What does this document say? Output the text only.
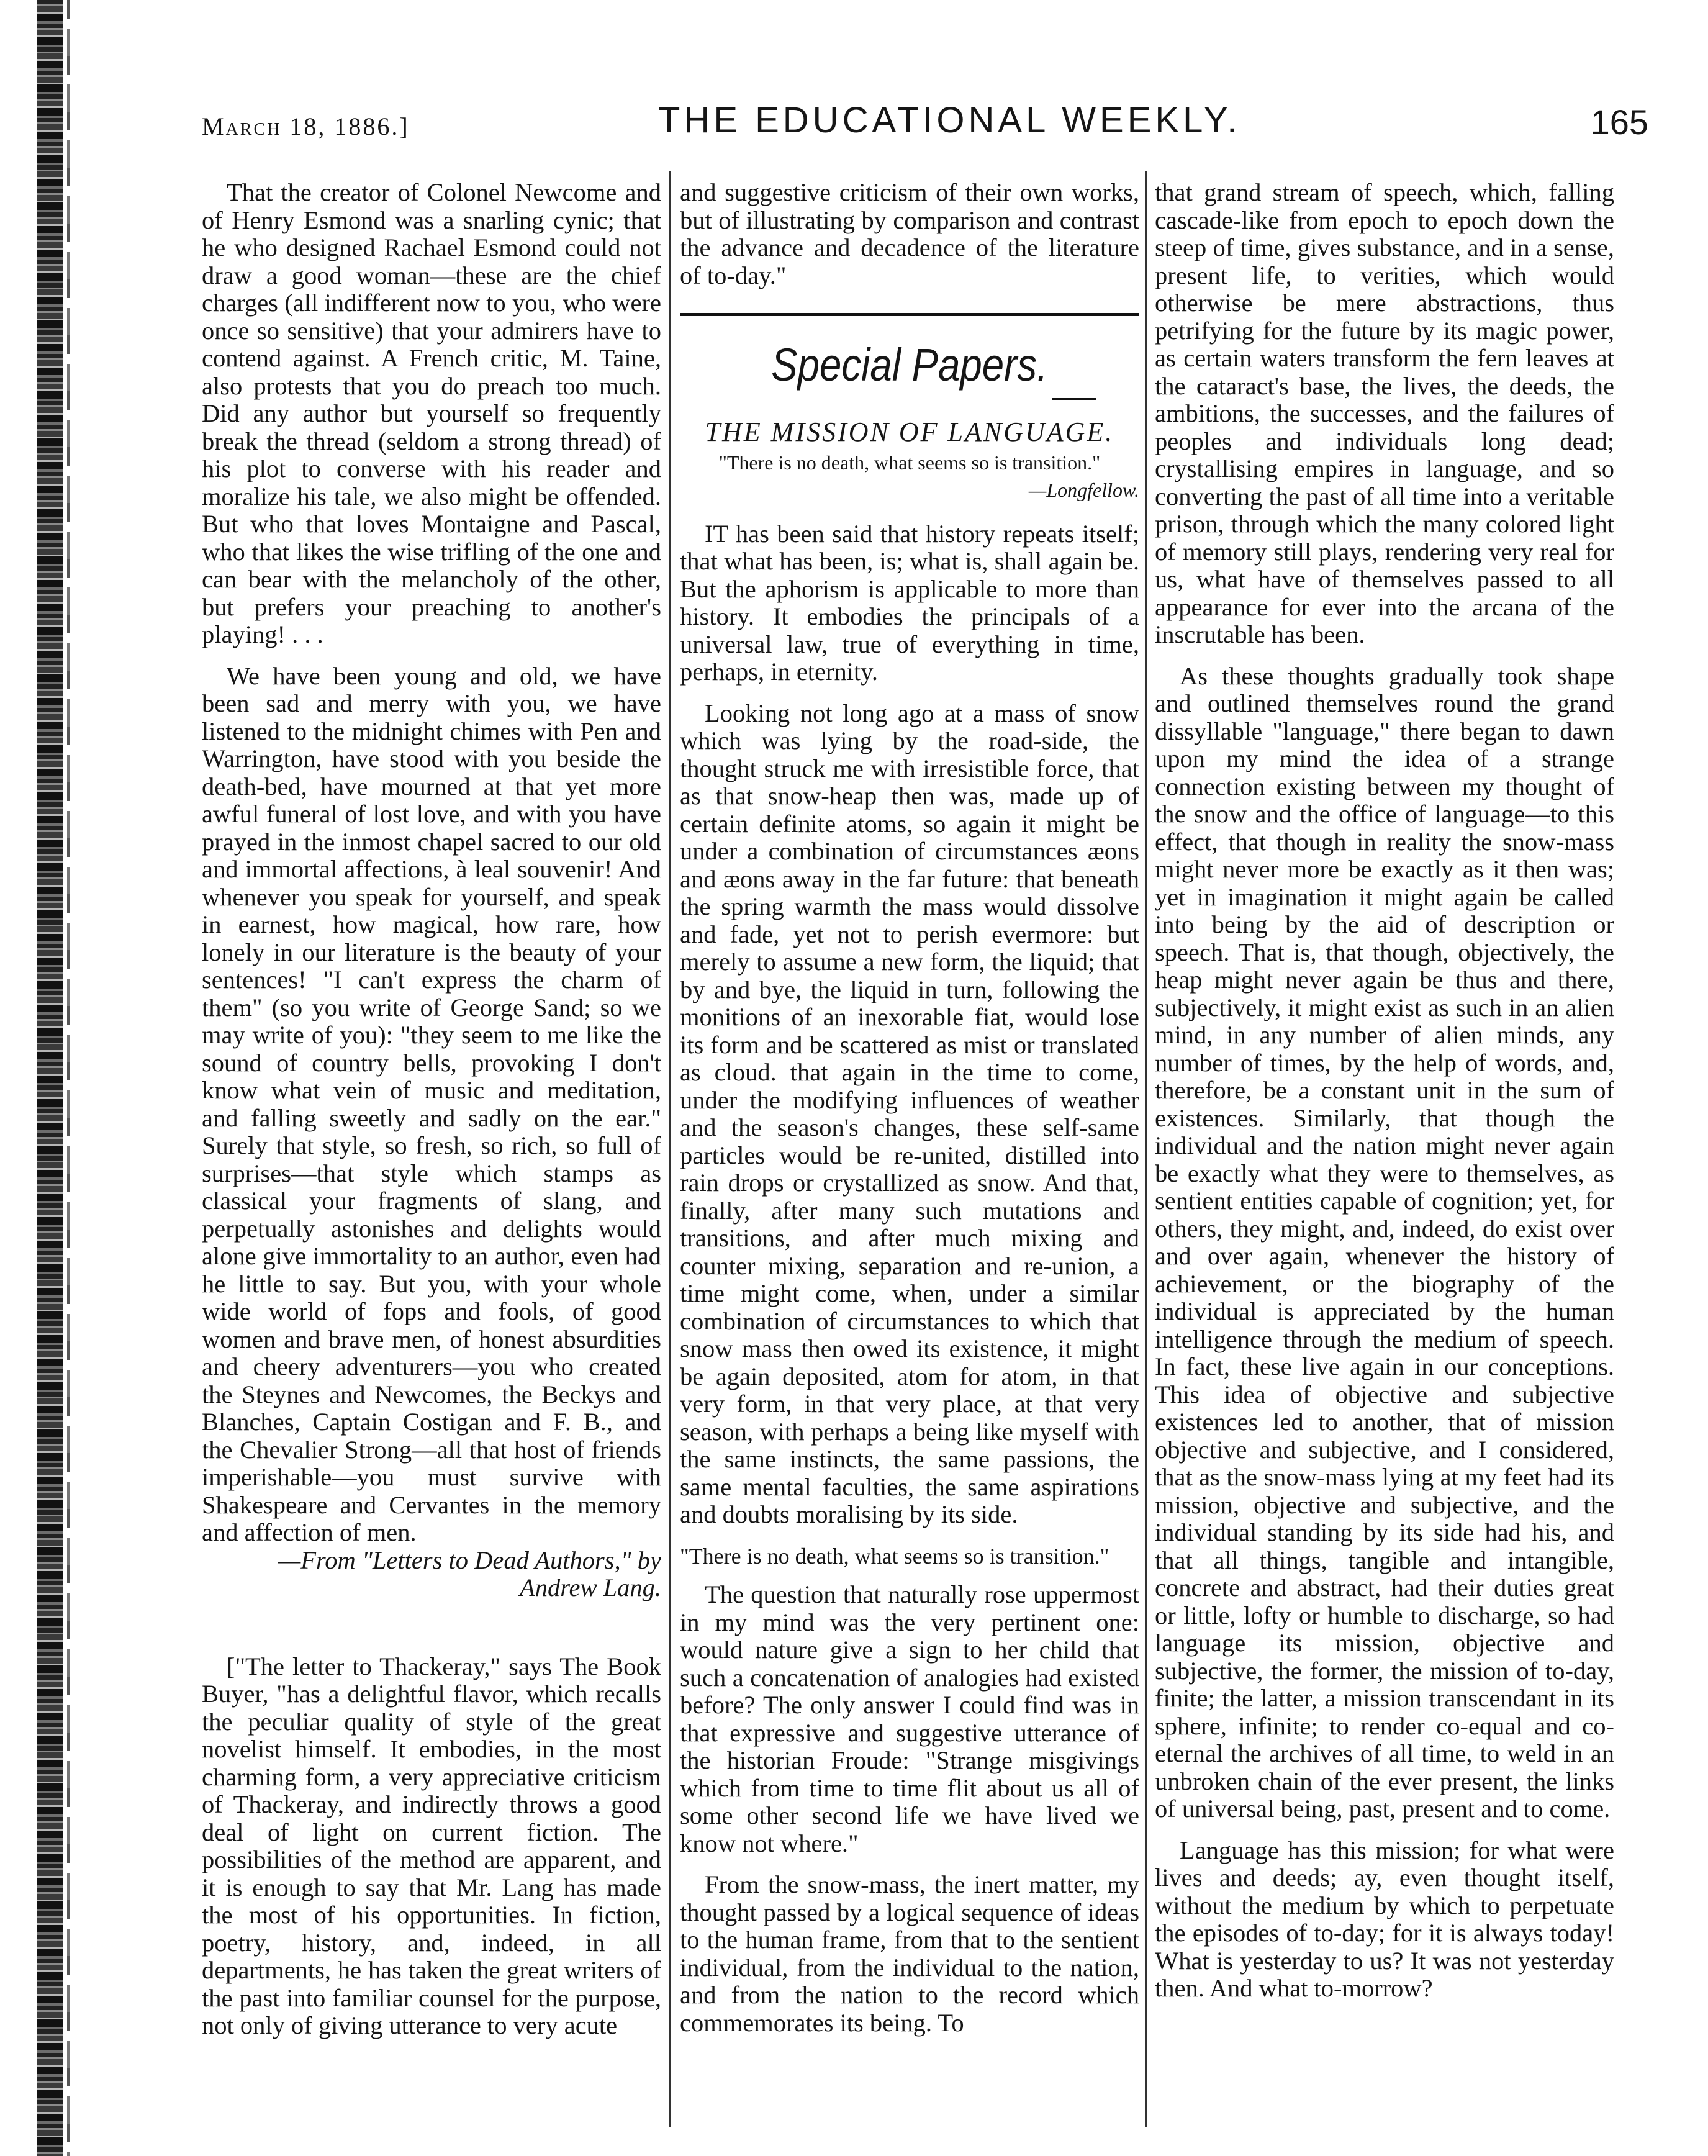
March 18, 1886.]	THE EDUCATIONAL WEEKLY.	165

That the creator of Colonel Newcome and of Henry Esmond was a snarling cynic; that he who designed Rachael Esmond could not draw a good woman—these are the chief charges (all indifferent now to you, who were once so sensitive) that your admirers have to contend against. A French critic, M. Taine, also protests that you do preach too much. Did any author but yourself so frequently break the thread (seldom a strong thread) of his plot to converse with his reader and moralize his tale, we also might be offended. But who that loves Montaigne and Pascal, who that likes the wise trifling of the one and can bear with the melancholy of the other, but prefers your preaching to another's playing! . . .

We have been young and old, we have been sad and merry with you, we have listened to the midnight chimes with Pen and Warrington, have stood with you beside the death-bed, have mourned at that yet more awful funeral of lost love, and with you have prayed in the inmost chapel sacred to our old and immortal affections, à leal souvenir! And whenever you speak for yourself, and speak in earnest, how magical, how rare, how lonely in our literature is the beauty of your sentences! "I can't express the charm of them" (so you write of George Sand; so we may write of you): "they seem to me like the sound of country bells, provoking I don't know what vein of music and meditation, and falling sweetly and sadly on the ear." Surely that style, so fresh, so rich, so full of surprises—that style which stamps as classical your fragments of slang, and perpetually astonishes and delights would alone give immortality to an author, even had he little to say. But you, with your whole wide world of fops and fools, of good women and brave men, of honest absurdities and cheery adventurers—you who created the Steynes and Newcomes, the Beckys and Blanches, Captain Costigan and F. B., and the Chevalier Strong—all that host of friends imperishable—you must survive with Shakespeare and Cervantes in the memory and affection of men.

—From "Letters to Dead Authors," by Andrew Lang.

["The letter to Thackeray," says The Book Buyer, "has a delightful flavor, which recalls the peculiar quality of style of the great novelist himself. It embodies, in the most charming form, a very appreciative criticism of Thackeray, and indirectly throws a good deal of light on current fiction. The possibilities of the method are apparent, and it is enough to say that Mr. Lang has made the most of his opportunities. In fiction, poetry, history, and, indeed, in all departments, he has taken the great writers of the past into familiar counsel for the purpose, not only of giving utterance to very acute

and suggestive criticism of their own works, but of illustrating by comparison and contrast the advance and decadence of the literature of to-day."

Special Papers.

THE MISSION OF LANGUAGE.

"There is no death, what seems so is transition."

—Longfellow.

IT has been said that history repeats itself; that what has been, is; what is, shall again be. But the aphorism is applicable to more than history. It embodies the principals of a universal law, true of everything in time, perhaps, in eternity.

Looking not long ago at a mass of snow which was lying by the road-side, the thought struck me with irresistible force, that as that snow-heap then was, made up of certain definite atoms, so again it might be under a combination of circumstances æons and æons away in the far future: that beneath the spring warmth the mass would dissolve and fade, yet not to perish evermore: but merely to assume a new form, the liquid; that by and bye, the liquid in turn, following the monitions of an inexorable fiat, would lose its form and be scattered as mist or translated as cloud. that again in the time to come, under the modifying influences of weather and the season's changes, these self-same particles would be re-united, distilled into rain drops or crystallized as snow. And that, finally, after many such mutations and transitions, and after much mixing and counter mixing, separation and re-union, a time might come, when, under a similar combination of circumstances to which that snow mass then owed its existence, it might be again deposited, atom for atom, in that very form, in that very place, at that very season, with perhaps a being like myself with the same instincts, the same passions, the same mental faculties, the same aspirations and doubts moralising by its side.

"There is no death, what seems so is transition."

The question that naturally rose uppermost in my mind was the very pertinent one: would nature give a sign to her child that such a concatenation of analogies had existed before? The only answer I could find was in that expressive and suggestive utterance of the historian Froude: "Strange misgivings which from time to time flit about us all of some other second life we have lived we know not where."

From the snow-mass, the inert matter, my thought passed by a logical sequence of ideas to the human frame, from that to the sentient individual, from the individual to the nation, and from the nation to the record which commemorates its being. To

that grand stream of speech, which, falling cascade-like from epoch to epoch down the steep of time, gives substance, and in a sense, present life, to verities, which would otherwise be mere abstractions, thus petrifying for the future by its magic power, as certain waters transform the fern leaves at the cataract's base, the lives, the deeds, the ambitions, the successes, and the failures of peoples and individuals long dead; crystallising empires in language, and so converting the past of all time into a veritable prison, through which the many colored light of memory still plays, rendering very real for us, what have of themselves passed to all appearance for ever into the arcana of the inscrutable has been.

As these thoughts gradually took shape and outlined themselves round the grand dissyllable "language," there began to dawn upon my mind the idea of a strange connection existing between my thought of the snow and the office of language—to this effect, that though in reality the snow-mass might never more be exactly as it then was; yet in imagination it might again be called into being by the aid of description or speech. That is, that though, objectively, the heap might never again be thus and there, subjectively, it might exist as such in an alien mind, in any number of alien minds, any number of times, by the help of words, and, therefore, be a constant unit in the sum of existences. Similarly, that though the individual and the nation might never again be exactly what they were to themselves, as sentient entities capable of cognition; yet, for others, they might, and, indeed, do exist over and over again, whenever the history of achievement, or the biography of the individual is appreciated by the human intelligence through the medium of speech. In fact, these live again in our conceptions. This idea of objective and subjective existences led to another, that of mission objective and subjective, and I considered, that as the snow-mass lying at my feet had its mission, objective and subjective, and the individual standing by its side had his, and that all things, tangible and intangible, concrete and abstract, had their duties great or little, lofty or humble to discharge, so had language its mission, objective and subjective, the former, the mission of to-day, finite; the latter, a mission transcendant in its sphere, infinite; to render co-equal and co-eternal the archives of all time, to weld in an unbroken chain of the ever present, the links of universal being, past, present and to come.

Language has this mission; for what were lives and deeds; ay, even thought itself, without the medium by which to perpetuate the episodes of to-day; for it is always today! What is yesterday to us? It was not yesterday then. And what to-morrow?
